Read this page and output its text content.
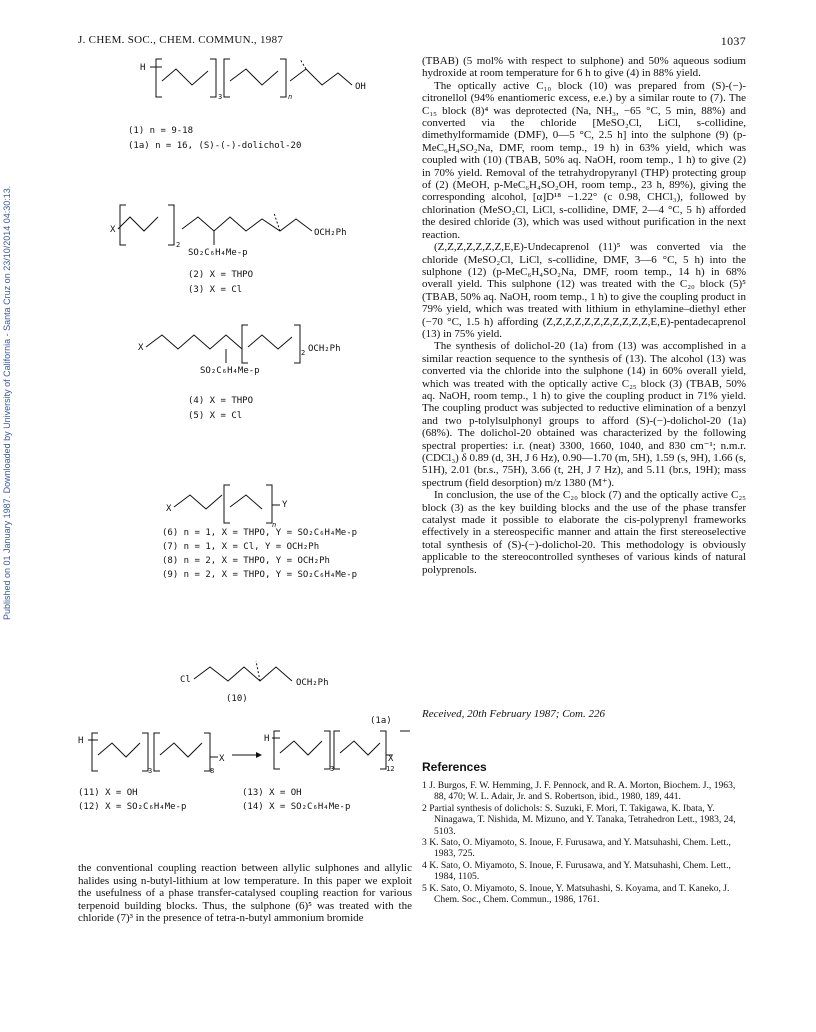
J. CHEM. SOC., CHEM. COMMUN., 1987	1037
Published on 01 January 1987. Downloaded by University of California - Santa Cruz on 23/10/2014 04:30:13.
H
3	n
OH
(1) n = 9-18
(1a) n = 16, (S)-(-)-dolichol-20
X
2
OCH₂Ph
SO₂C₆H₄Me-p
(2) X = THPO
(3) X = Cl
X	2 OCH₂Ph
SO₂C₆H₄Me-p
(4) X = THPO
(5) X = Cl
X
n
Y
(6) n = 1, X = THPO, Y = SO₂C₆H₄Me-p
(7) n = 1, X = Cl, Y = OCH₂Ph
(8) n = 2, X = THPO, Y = OCH₂Ph
(9) n = 2, X = THPO, Y = SO₂C₆H₄Me-p
Cl	OCH₂Ph
(10)
H
3	8
X
H
3	12
X
(1a)
(11) X = OH
(12) X = SO₂C₆H₄Me-p
(13) X = OH
(14) X = SO₂C₆H₄Me-p
the conventional coupling reaction between allylic sulphones and allylic halides using n-butyl-lithium at low temperature. In this paper we exploit the usefulness of a phase transfer-catalysed coupling reaction for various terpenoid building blocks. Thus, the sulphone (6)⁵ was treated with the chloride (7)³ in the presence of tetra-n-butyl ammonium bromide

(TBAB) (5 mol% with respect to sulphone) and 50% aqueous sodium hydroxide at room temperature for 6 h to give (4) in 88% yield.

The optically active C₁₀ block (10) was prepared from (S)-(−)-citronellol (94% enantiomeric excess, e.e.) by a similar route to (7). The C₁₅ block (8)⁴ was deprotected (Na, NH₃, −65 °C, 5 min, 88%) and converted via the chloride [MeSO₂Cl, LiCl, s-collidine, dimethylformamide (DMF), 0—5 °C, 2.5 h] into the sulphone (9) (p-MeC₆H₄SO₂Na, DMF, room temp., 19 h) in 63% yield, which was coupled with (10) (TBAB, 50% aq. NaOH, room temp., 1 h) to give (2) in 70% yield. Removal of the tetrahydropyranyl (THP) protecting group of (2) (MeOH, p-MeC₆H₄SO₂OH, room temp., 23 h, 89%), giving the corresponding alcohol, [α]D¹⁸ −1.22° (c 0.98, CHCl₃), followed by chlorination (MeSO₂Cl, LiCl, s-collidine, DMF, 2—4 °C, 5 h) afforded the desired chloride (3), which was used without purification in the next reaction.

(Z,Z,Z,Z,Z,Z,Z,E,E)-Undecaprenol (11)⁵ was converted via the chloride (MeSO₂Cl, LiCl, s-collidine, DMF, 3—6 °C, 5 h) into the sulphone (12) (p-MeC₆H₄SO₂Na, DMF, room temp., 14 h) in 68% overall yield. This sulphone (12) was treated with the C₂₀ block (5)⁵ (TBAB, 50% aq. NaOH, room temp., 1 h) to give the coupling product in 79% yield, which was treated with lithium in ethylamine–diethyl ether (−70 °C, 1.5 h) affording (Z,Z,Z,Z,Z,Z,Z,Z,Z,Z,Z,E,E)-pentadecaprenol (13) in 75% yield.

The synthesis of dolichol-20 (1a) from (13) was accomplished in a similar reaction sequence to the synthesis of (13). The alcohol (13) was converted via the chloride into the sulphone (14) in 60% overall yield, which was treated with the optically active C₂₅ block (3) (TBAB, 50% aq. NaOH, room temp., 1 h) to give the coupling product in 71% yield. The coupling product was subjected to reductive elimination of a benzyl and two p-tolylsulphonyl groups to afford (S)-(−)-dolichol-20 (1a) (68%). The dolichol-20 obtained was characterized by the following spectral properties: i.r. (neat) 3300, 1660, 1040, and 830 cm⁻¹; n.m.r. (CDCl₃) δ 0.89 (d, 3H, J 6 Hz), 0.90—1.70 (m, 5H), 1.59 (s, 9H), 1.66 (s, 51H), 2.01 (br.s., 75H), 3.66 (t, 2H, J 7 Hz), and 5.11 (br.s, 19H); mass spectrum (field desorption) m/z 1380 (M⁺).

In conclusion, the use of the C₂₀ block (7) and the optically active C₂₅ block (3) as the key building blocks and the use of the phase transfer catalyst made it possible to elaborate the cis-polyprenyl frameworks effectively in a stereospecific manner and attain the first stereoselective total synthesis of (S)-(−)-dolichol-20. This methodology is obviously applicable to the stereocontrolled syntheses of various kinds of natural polyprenols.

Received, 20th February 1987; Com. 226
References
1 J. Burgos, F. W. Hemming, J. F. Pennock, and R. A. Morton, Biochem. J., 1963, 88, 470; W. L. Adair, Jr. and S. Robertson, ibid., 1980, 189, 441.
2 Partial synthesis of dolichols: S. Suzuki, F. Mori, T. Takigawa, K. Ibata, Y. Ninagawa, T. Nishida, M. Mizuno, and Y. Tanaka, Tetrahedron Lett., 1983, 24, 5103.
3 K. Sato, O. Miyamoto, S. Inoue, F. Furusawa, and Y. Matsuhashi, Chem. Lett., 1983, 725.
4 K. Sato, O. Miyamoto, S. Inoue, F. Furusawa, and Y. Matsuhashi, Chem. Lett., 1984, 1105.
5 K. Sato, O. Miyamoto, S. Inoue, Y. Matsuhashi, S. Koyama, and T. Kaneko, J. Chem. Soc., Chem. Commun., 1986, 1761.
